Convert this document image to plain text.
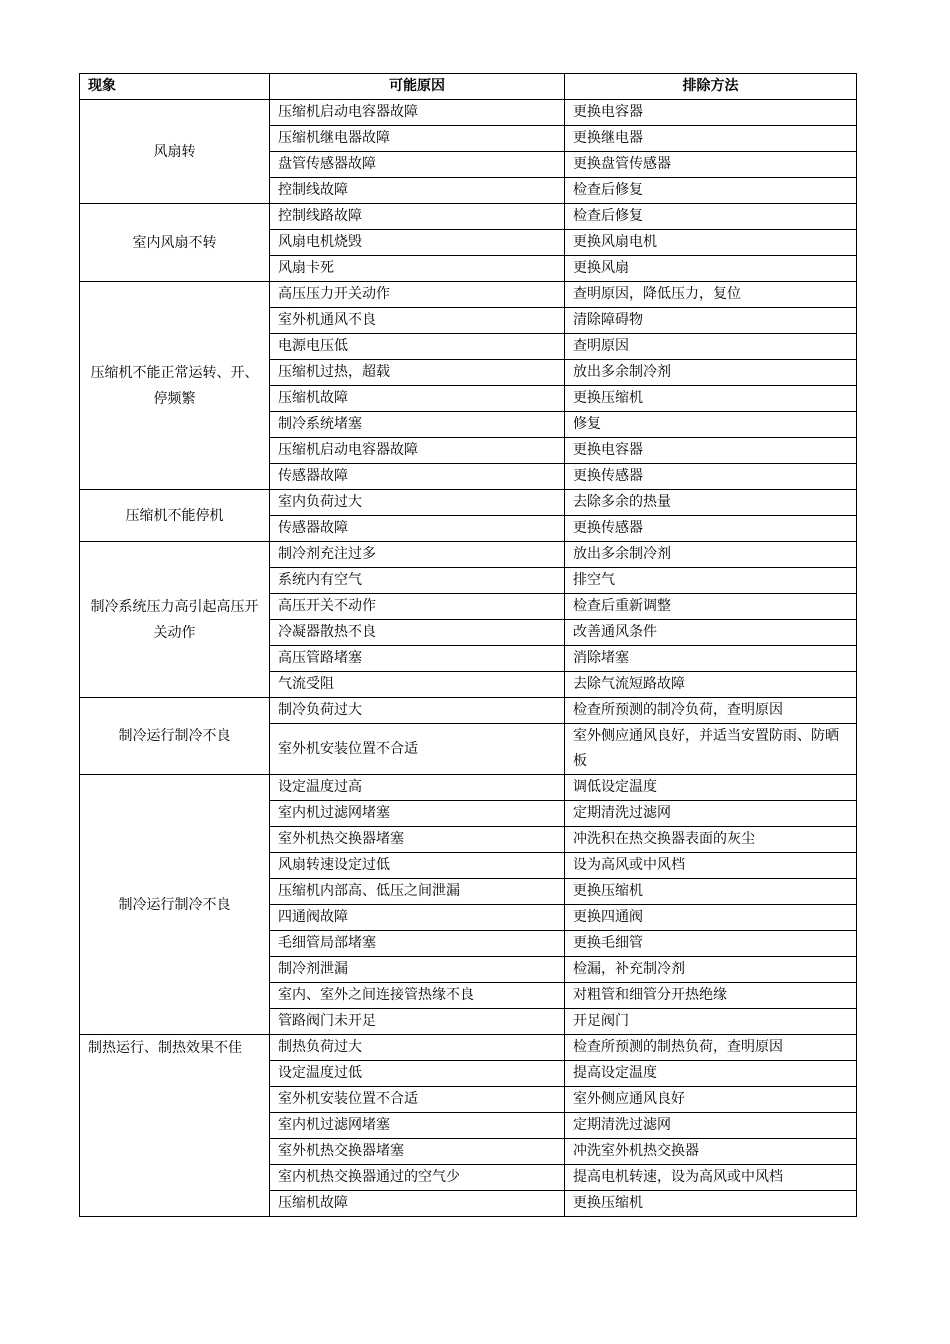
现象	可能原因	排除方法
风扇转	压缩机启动电容器故障	更换电容器
	压缩机继电器故障	更换继电器
	盘管传感器故障	更换盘管传感器
	控制线故障	检查后修复
室内风扇不转	控制线路故障	检查后修复
	风扇电机烧毁	更换风扇电机
	风扇卡死	更换风扇
压缩机不能正常运转、开、停频繁	高压压力开关动作	查明原因，降低压力，复位
	室外机通风不良	清除障碍物
	电源电压低	查明原因
	压缩机过热，超载	放出多余制冷剂
	压缩机故障	更换压缩机
	制冷系统堵塞	修复
	压缩机启动电容器故障	更换电容器
	传感器故障	更换传感器
压缩机不能停机	室内负荷过大	去除多余的热量
	传感器故障	更换传感器
制冷系统压力高引起高压开关动作	制冷剂充注过多	放出多余制冷剂
	系统内有空气	排空气
	高压开关不动作	检查后重新调整
	冷凝器散热不良	改善通风条件
	高压管路堵塞	消除堵塞
	气流受阻	去除气流短路故障
制冷运行制冷不良	制冷负荷过大	检查所预测的制冷负荷，查明原因
	室外机安装位置不合适	室外侧应通风良好，并适当安置防雨、防晒板
制冷运行制冷不良	设定温度过高	调低设定温度
	室内机过滤网堵塞	定期清洗过滤网
	室外机热交换器堵塞	冲洗积在热交换器表面的灰尘
	风扇转速设定过低	设为高风或中风档
	压缩机内部高、低压之间泄漏	更换压缩机
	四通阀故障	更换四通阀
	毛细管局部堵塞	更换毛细管
	制冷剂泄漏	检漏，补充制冷剂
	室内、室外之间连接管热缘不良	对粗管和细管分开热绝缘
	管路阀门未开足	开足阀门
制热运行、制热效果不佳	制热负荷过大	检查所预测的制热负荷，查明原因
	设定温度过低	提高设定温度
	室外机安装位置不合适	室外侧应通风良好
	室内机过滤网堵塞	定期清洗过滤网
	室外机热交换器堵塞	冲洗室外机热交换器
	室内机热交换器通过的空气少	提高电机转速，设为高风或中风档
	压缩机故障	更换压缩机
